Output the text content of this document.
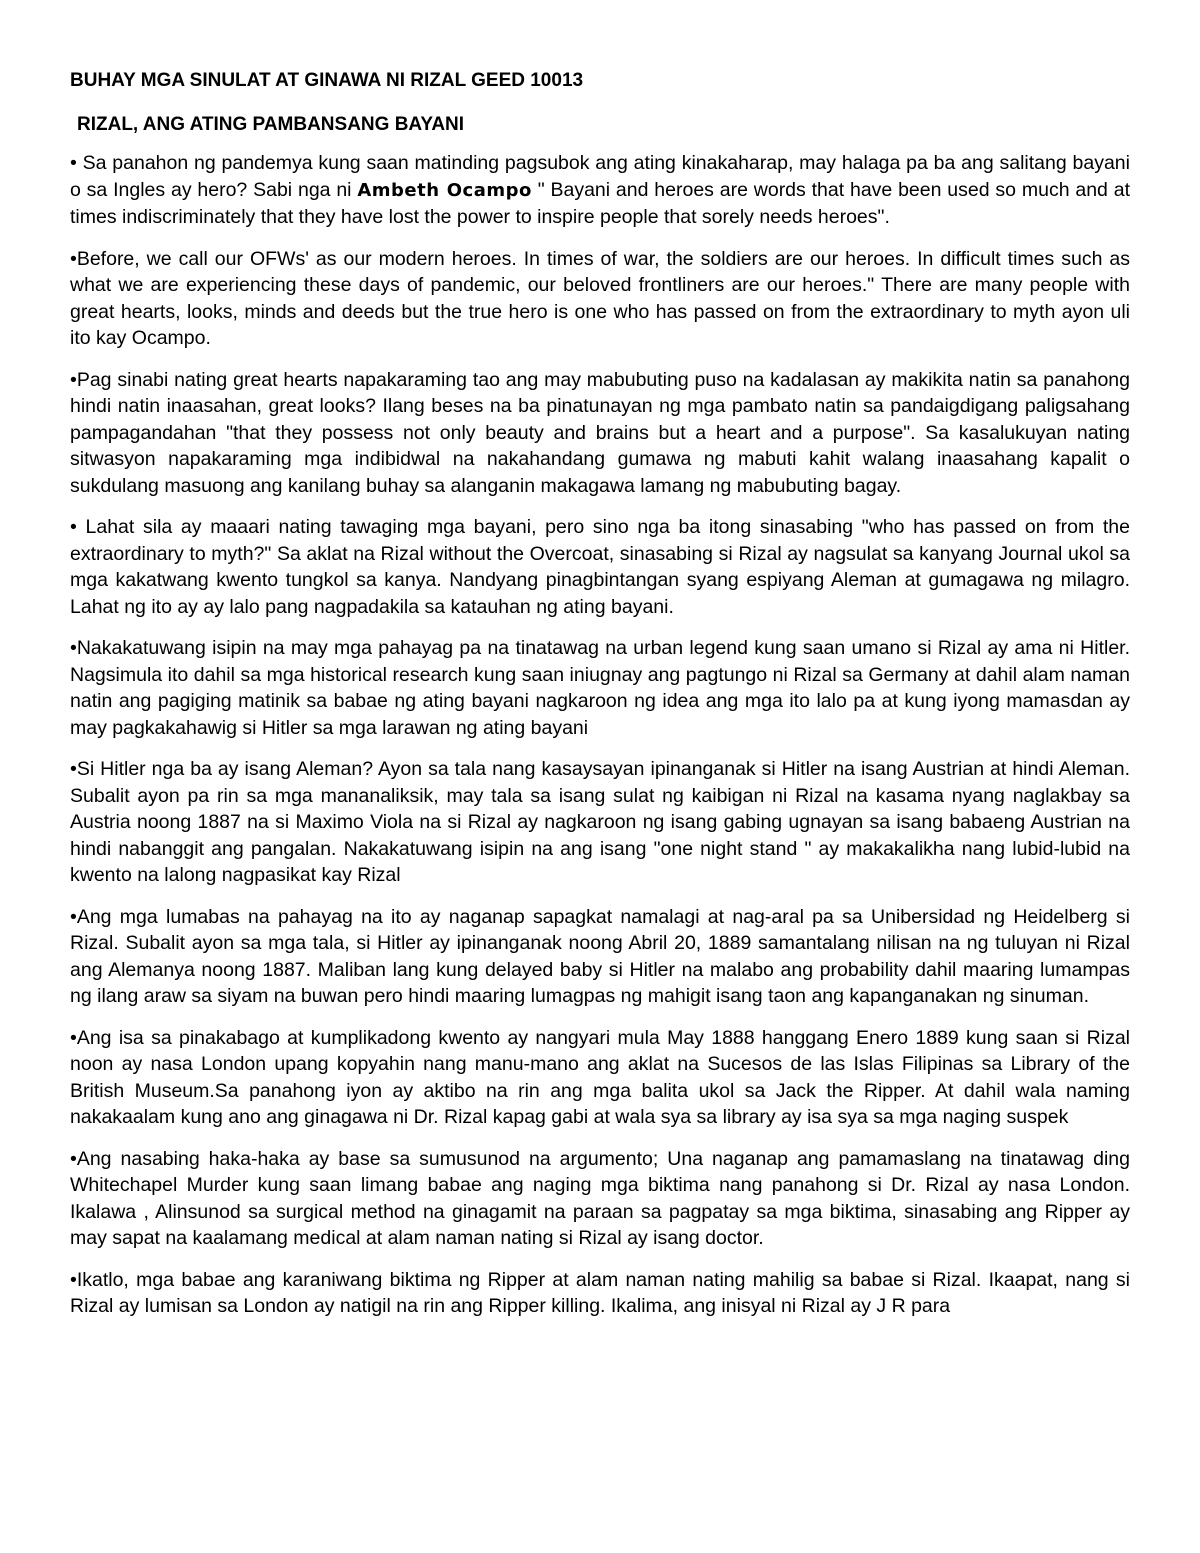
BUHAY MGA SINULAT AT GINAWA NI RIZAL GEED 10013
RIZAL, ANG ATING PAMBANSANG BAYANI

• Sa panahon ng pandemya kung saan matinding pagsubok ang ating kinakaharap, may halaga pa ba ang salitang bayani o sa Ingles ay hero? Sabi nga ni Ambeth Ocampo " Bayani and heroes are words that have been used so much and at times indiscriminately that they have lost the power to inspire people that sorely needs heroes".

•Before, we call our OFWs' as our modern heroes. In times of war, the soldiers are our heroes. In difficult times such as what we are experiencing these days of pandemic, our beloved frontliners are our heroes." There are many people with great hearts, looks, minds and deeds but the true hero is one who has passed on from the extraordinary to myth ayon uli ito kay Ocampo.

•Pag sinabi nating great hearts napakaraming tao ang may mabubuting puso na kadalasan ay makikita natin sa panahong hindi natin inaasahan, great looks? Ilang beses na ba pinatunayan ng mga pambato natin sa pandaigdigang paligsahang pampagandahan "that they possess not only beauty and brains but a heart and a purpose". Sa kasalukuyan nating sitwasyon napakaraming mga indibidwal na nakahandang gumawa ng mabuti kahit walang inaasahang kapalit o sukdulang masuong ang kanilang buhay sa alanganin makagawa lamang ng mabubuting bagay.

• Lahat sila ay maaari nating tawaging mga bayani, pero sino nga ba itong sinasabing "who has passed on from the extraordinary to myth?" Sa aklat na Rizal without the Overcoat, sinasabing si Rizal ay nagsulat sa kanyang Journal ukol sa mga kakatwang kwento tungkol sa kanya. Nandyang pinagbintangan syang espiyang Aleman at gumagawa ng milagro. Lahat ng ito ay ay lalo pang nagpadakila sa katauhan ng ating bayani.

•Nakakatuwang isipin na may mga pahayag pa na tinatawag na urban legend kung saan umano si Rizal ay ama ni Hitler. Nagsimula ito dahil sa mga historical research kung saan iniugnay ang pagtungo ni Rizal sa Germany at dahil alam naman natin ang pagiging matinik sa babae ng ating bayani nagkaroon ng idea ang mga ito lalo pa at kung iyong mamasdan ay may pagkakahawig si Hitler sa mga larawan ng ating bayani

•Si Hitler nga ba ay isang Aleman? Ayon sa tala nang kasaysayan ipinanganak si Hitler na isang Austrian at hindi Aleman. Subalit ayon pa rin sa mga mananaliksik, may tala sa isang sulat ng kaibigan ni Rizal na kasama nyang naglakbay sa Austria noong 1887 na si Maximo Viola na si Rizal ay nagkaroon ng isang gabing ugnayan sa isang babaeng Austrian na hindi nabanggit ang pangalan. Nakakatuwang isipin na ang isang "one night stand " ay makakalikha nang lubid-lubid na kwento na lalong nagpasikat kay Rizal

•Ang mga lumabas na pahayag na ito ay naganap sapagkat namalagi at nag-aral pa sa Unibersidad ng Heidelberg si Rizal. Subalit ayon sa mga tala, si Hitler ay ipinanganak noong Abril 20, 1889 samantalang nilisan na ng tuluyan ni Rizal ang Alemanya noong 1887. Maliban lang kung delayed baby si Hitler na malabo ang probability dahil maaring lumampas ng ilang araw sa siyam na buwan pero hindi maaring lumagpas ng mahigit isang taon ang kapanganakan ng sinuman.

•Ang isa sa pinakabago at kumplikadong kwento ay nangyari mula May 1888 hanggang Enero 1889 kung saan si Rizal noon ay nasa London upang kopyahin nang manu-mano ang aklat na Sucesos de las Islas Filipinas sa Library of the British Museum.Sa panahong iyon ay aktibo na rin ang mga balita ukol sa Jack the Ripper. At dahil wala naming nakakaalam kung ano ang ginagawa ni Dr. Rizal kapag gabi at wala sya sa library ay isa sya sa mga naging suspek

•Ang nasabing haka-haka ay base sa sumusunod na argumento; Una naganap ang pamamaslang na tinatawag ding Whitechapel Murder kung saan limang babae ang naging mga biktima nang panahong si Dr. Rizal ay nasa London. Ikalawa , Alinsunod sa surgical method na ginagamit na paraan sa pagpatay sa mga biktima, sinasabing ang Ripper ay may sapat na kaalamang medical at alam naman nating si Rizal ay isang doctor.

•Ikatlo, mga babae ang karaniwang biktima ng Ripper at alam naman nating mahilig sa babae si Rizal. Ikaapat, nang si Rizal ay lumisan sa London ay natigil na rin ang Ripper killing. Ikalima, ang inisyal ni Rizal ay J R para
